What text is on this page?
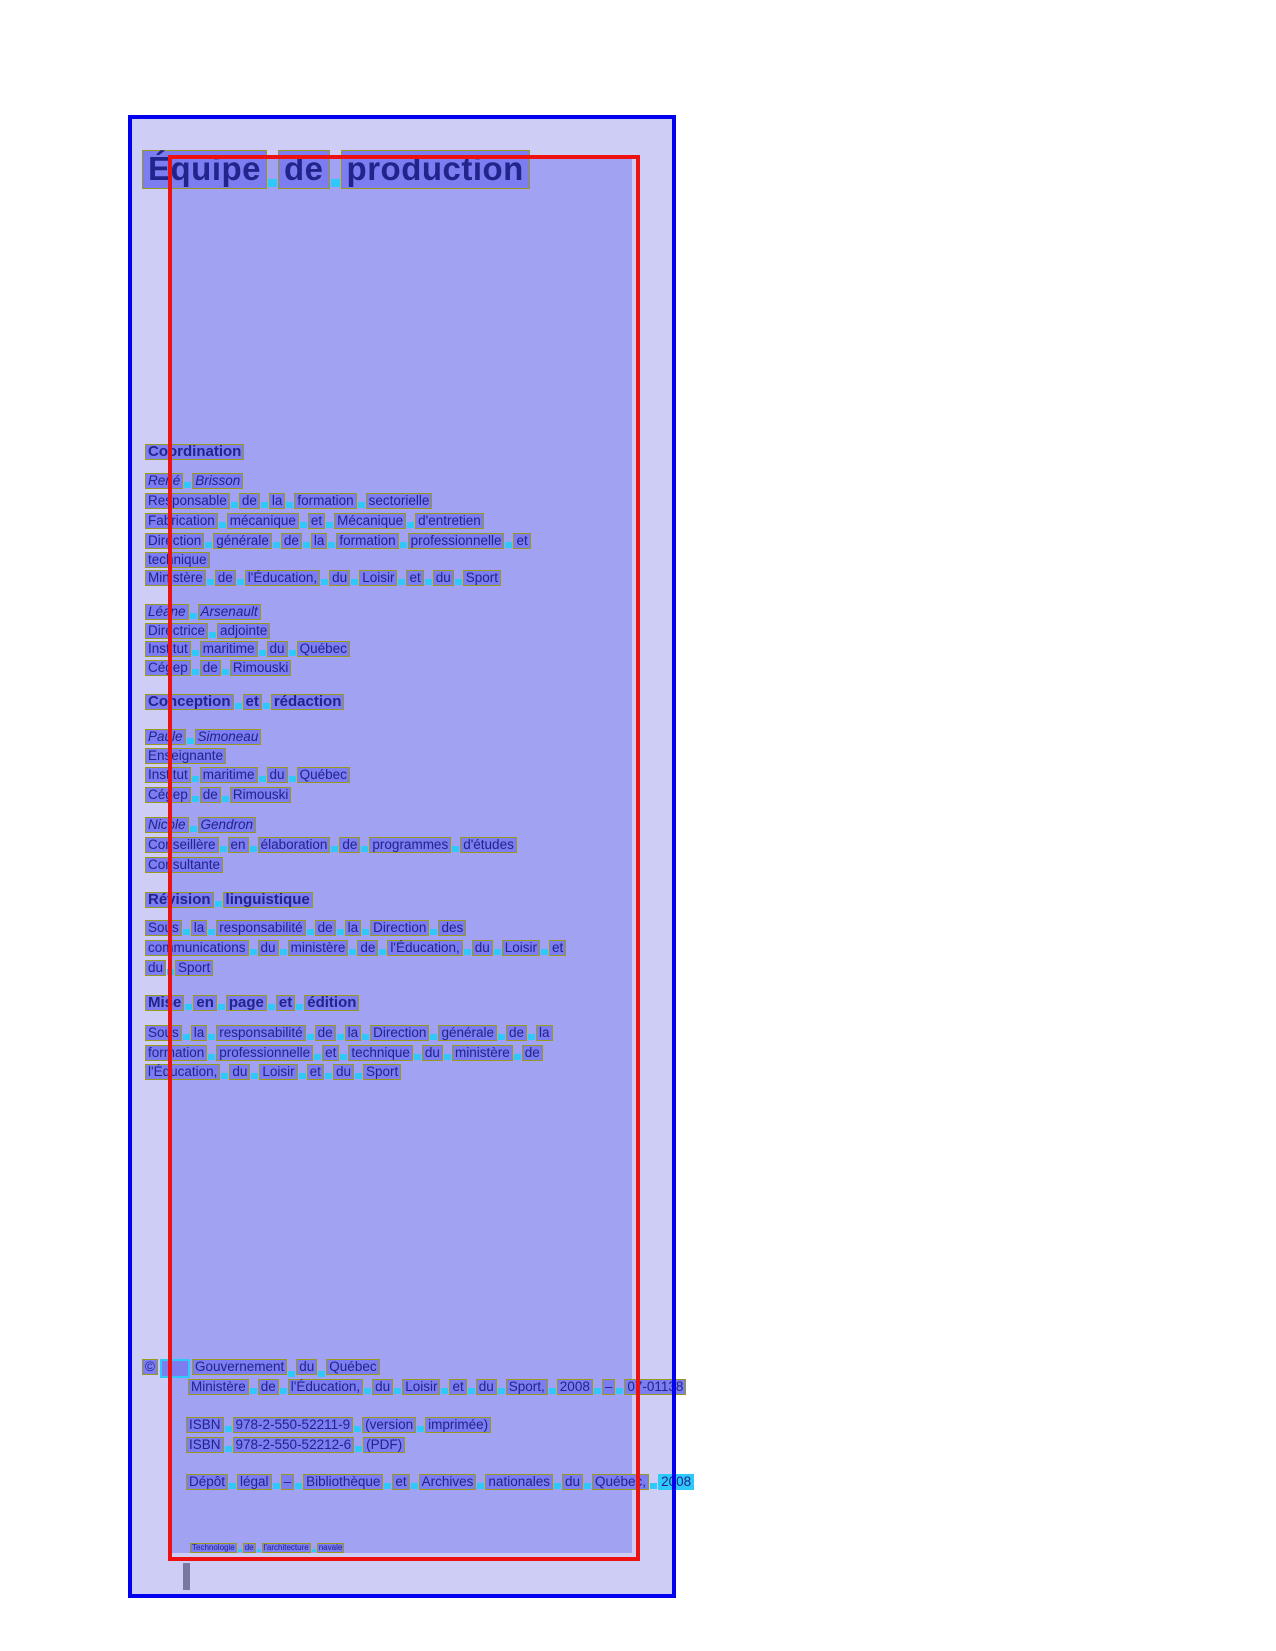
Équipe de production
Coordination
René Brisson
Responsable de la formation sectorielle
Fabrication mécanique et Mécanique d'entretien
Direction générale de la formation professionnelle et
technique
Ministère de l'Éducation, du Loisir et du Sport
Léane Arsenault
Directrice adjointe
Institut maritime du Québec
Cégep de Rimouski
Conception et rédaction
Paule Simoneau
Enseignante
Institut maritime du Québec
Cégep de Rimouski
Nicole Gendron
Conseillère en élaboration de programmes d'études
Consultante
Révision linguistique
Sous la responsabilité de la Direction des
communications du ministère de l'Éducation, du Loisir et
du Sport
Mise en page et édition
Sous la responsabilité de la Direction générale de la
formation professionnelle et technique du ministère de
l'Éducation, du Loisir et du Sport
©	Gouvernement du Québec
Ministère de l'Éducation, du Loisir et du Sport, 2008 – 07-01138
ISBN 978-2-550-52211-9 (version imprimée)
ISBN 978-2-550-52212-6 (PDF)
Dépôt légal – Bibliothèque et Archives nationales du Québec, 2008
Technologie de l'architecture navale
